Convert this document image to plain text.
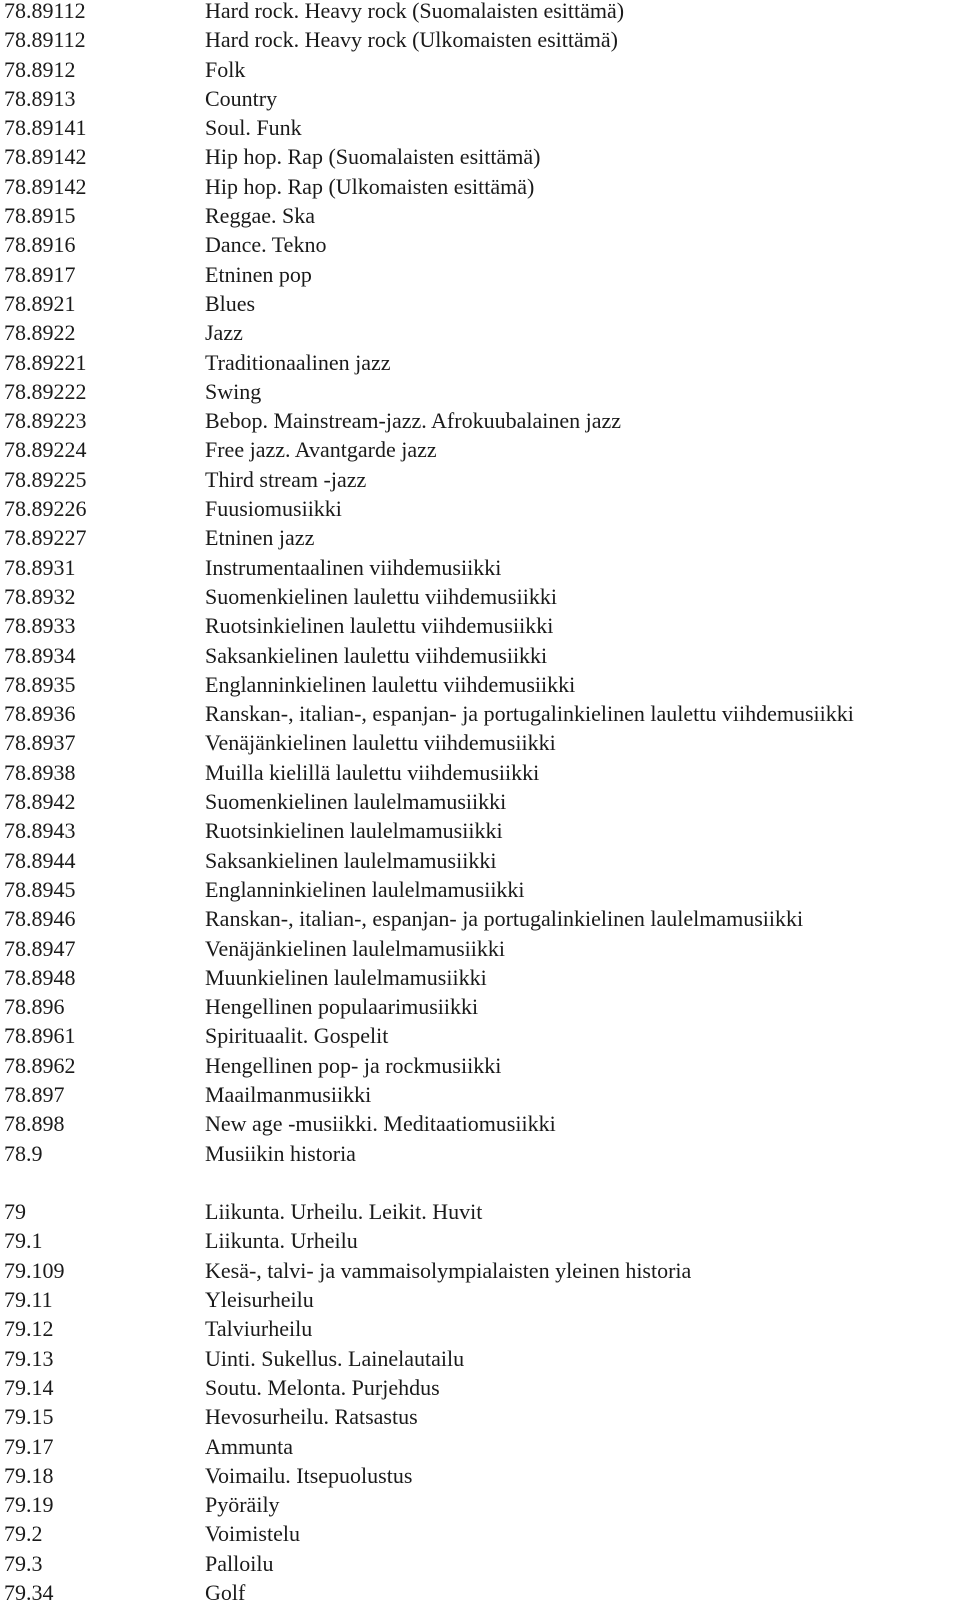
78.89112	Hard rock. Heavy rock (Suomalaisten esittämä)
78.89112	Hard rock. Heavy rock (Ulkomaisten esittämä)
78.8912	Folk
78.8913	Country
78.89141	Soul. Funk
78.89142	Hip hop. Rap (Suomalaisten esittämä)
78.89142	Hip hop. Rap (Ulkomaisten esittämä)
78.8915	Reggae. Ska
78.8916	Dance. Tekno
78.8917	Etninen pop
78.8921	Blues
78.8922	Jazz
78.89221	Traditionaalinen jazz
78.89222	Swing
78.89223	Bebop. Mainstream-jazz. Afrokuubalainen jazz
78.89224	Free jazz. Avantgarde jazz
78.89225	Third stream -jazz
78.89226	Fuusiomusiikki
78.89227	Etninen jazz
78.8931	Instrumentaalinen viihdemusiikki
78.8932	Suomenkielinen laulettu viihdemusiikki
78.8933	Ruotsinkielinen laulettu viihdemusiikki
78.8934	Saksankielinen laulettu viihdemusiikki
78.8935	Englanninkielinen laulettu viihdemusiikki
78.8936	Ranskan-, italian-, espanjan- ja portugalinkielinen laulettu viihdemusiikki
78.8937	Venäjänkielinen laulettu viihdemusiikki
78.8938	Muilla kielillä laulettu viihdemusiikki
78.8942	Suomenkielinen laulelmamusiikki
78.8943	Ruotsinkielinen laulelmamusiikki
78.8944	Saksankielinen laulelmamusiikki
78.8945	Englanninkielinen laulelmamusiikki
78.8946	Ranskan-, italian-, espanjan- ja portugalinkielinen laulelmamusiikki
78.8947	Venäjänkielinen laulelmamusiikki
78.8948	Muunkielinen laulelmamusiikki
78.896	Hengellinen populaarimusiikki
78.8961	Spirituaalit. Gospelit
78.8962	Hengellinen pop- ja rockmusiikki
78.897	Maailmanmusiikki
78.898	New age -musiikki. Meditaatiomusiikki
78.9	Musiikin historia
79	Liikunta. Urheilu. Leikit. Huvit
79.1	Liikunta. Urheilu
79.109	Kesä-, talvi- ja vammaisolympialaisten yleinen historia
79.11	Yleisurheilu
79.12	Talviurheilu
79.13	Uinti. Sukellus. Lainelautailu
79.14	Soutu. Melonta. Purjehdus
79.15	Hevosurheilu. Ratsastus
79.17	Ammunta
79.18	Voimailu. Itsepuolustus
79.19	Pyöräily
79.2	Voimistelu
79.3	Palloilu
79.34	Golf
